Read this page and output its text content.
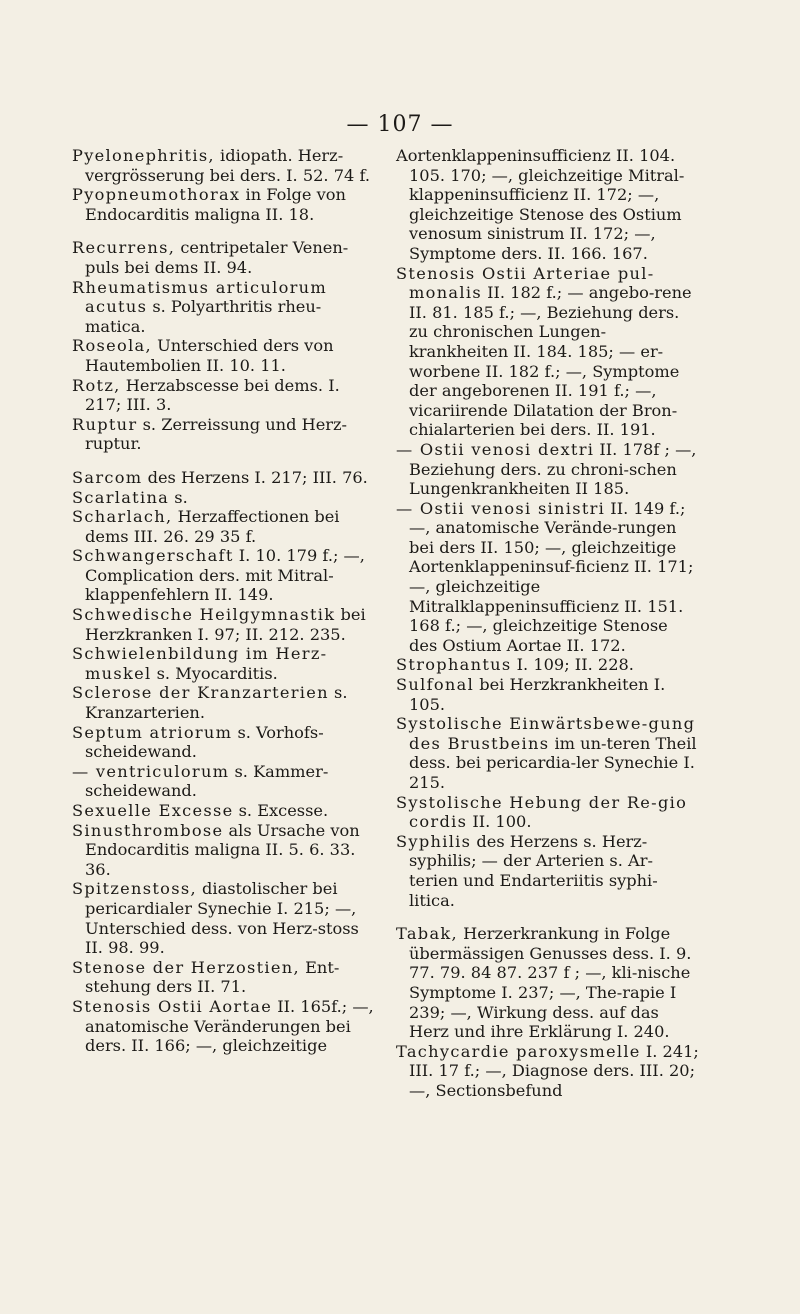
— 107 —
Pyelonephritis, idiopath. Herz-vergrösserung bei ders. I. 52. 74 f.
Pyopneumothorax in Folge von Endocarditis maligna II. 18.
Recurrens, centripetaler Venen-puls bei dems II. 94.
Rheumatismus articulorum acutus s. Polyarthritis rheu-matica.
Roseola, Unterschied ders von Hautembolien II. 10. 11.
Rotz, Herzabscesse bei dems. I. 217; III. 3.
Ruptur s. Zerreissung und Herz-ruptur.
Sarcom des Herzens I. 217; III. 76.
Scarlatina s.
Scharlach, Herzaffectionen bei dems III. 26. 29 35 f.
Schwangerschaft I. 10. 179 f.; —, Complication ders. mit Mitral-klappenfehlern II. 149.
Schwedische Heilgymnastik bei Herzkranken I. 97; II. 212. 235.
Schwielenbildung im Herz-muskel s. Myocarditis.
Sclerose der Kranzarterien s. Kranzarterien.
Septum atriorum s. Vorhofs-scheidewand.
— ventriculorum s. Kammer-scheidewand.
Sexuelle Excesse s. Excesse.
Sinusthrombose als Ursache von Endocarditis maligna II. 5. 6. 33. 36.
Spitzenstoss, diastolischer bei pericardialer Synechie I. 215; —, Unterschied dess. von Herz-stoss II. 98. 99.
Stenose der Herzostien, Ent-stehung ders II. 71.
Stenosis Ostii Aortae II. 165f.; —, anatomische Veränderungen bei ders. II. 166; —, gleichzeitige
Aortenklappeninsufficienz II. 104. 105. 170; —, gleichzeitige Mitral-klappeninsufficienz II. 172; —, gleichzeitige Stenose des Ostium venosum sinistrum II. 172; —, Symptome ders. II. 166. 167.
Stenosis Ostii Arteriae pul-monalis II. 182 f.; — angebo-rene II. 81. 185 f.; —, Beziehung ders. zu chronischen Lungen-krankheiten II. 184. 185; — er-worbene II. 182 f.; —, Symptome der angeborenen II. 191 f.; —, vicariirende Dilatation der Bron-chialarterien bei ders. II. 191.
— Ostii venosi dextri II. 178f ; —, Beziehung ders. zu chroni-schen Lungenkrankheiten II 185.
— Ostii venosi sinistri II. 149 f.; —, anatomische Verände-rungen bei ders II. 150; —, gleichzeitige Aortenklappeninsuf-ficienz II. 171; —, gleichzeitige Mitralklappeninsufficienz II. 151. 168 f.; —, gleichzeitige Stenose des Ostium Aortae II. 172.
Strophantus I. 109; II. 228.
Sulfonal bei Herzkrankheiten I. 105.
Systolische Einwärtsbewe-gung des Brustbeins im un-teren Theil dess. bei pericardia-ler Synechie I. 215.
Systolische Hebung der Re-gio cordis II. 100.
Syphilis des Herzens s. Herz-syphilis; — der Arterien s. Ar-terien und Endarteriitis syphi-litica.
Tabak, Herzerkrankung in Folge übermässigen Genusses dess. I. 9. 77. 79. 84 87. 237 f ; —, kli-nische Symptome I. 237; —, The-rapie I 239; —, Wirkung dess. auf das Herz und ihre Erklärung I. 240.
Tachycardie paroxysmelle I. 241; III. 17 f.; —, Diagnose ders. III. 20; —, Sectionsbefund
